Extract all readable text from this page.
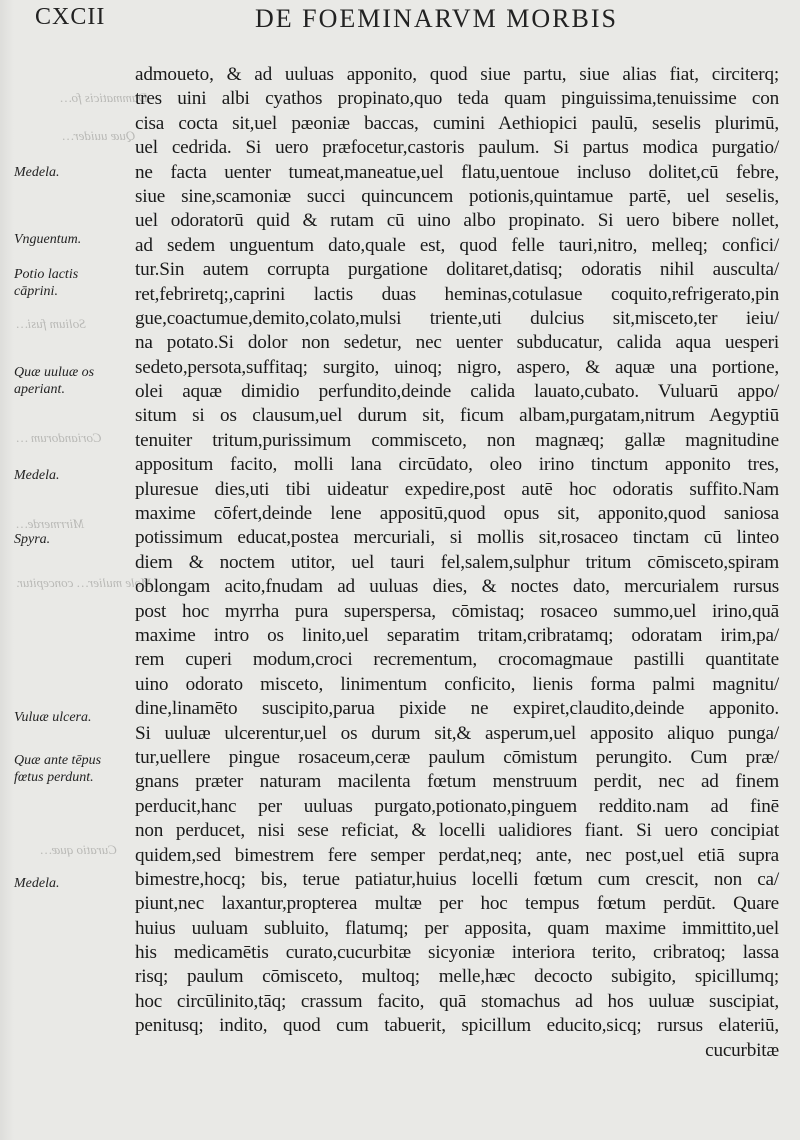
CXCII	DE FOEMINARVM MORBIS
Dammaticis fo…
Quæ uuider…
Solium fusi…
Coriandorum …
Mirrmerde…
Mole mulier… concepitur.
Curatio quæ…
Medela.
Vnguentum.
Potio lactis cāprini.
Quæ uuluæ os aperiant.
Medela.
Spyra.
Vuluæ ulcera.
Quæ ante tēpus fœtus perdunt.
Medela.
admoueto, & ad uuluas apponito, quod siue partu, siue alias fiat, circiterq;
tres uini albi cyathos propinato,quo teda quam pinguissima,tenuissime con
cisa cocta sit,uel pæoniæ baccas, cumini Aethiopici paulū, seselis plurimū,
uel cedrida. Si uero præfocetur,castoris paulum. Si partus modica purgatio/
ne facta uenter tumeat,maneatue,uel flatu,uentoue incluso dolitet,cū febre,
siue sine,scamoniæ succi quincuncem potionis,quintamue partē, uel seselis,
uel odoratorū quid & rutam cū uino albo propinato. Si uero bibere nollet,
ad sedem unguentum dato,quale est, quod felle tauri,nitro, melleq; confici/
tur.Sin autem corrupta purgatione dolitaret,datisq; odoratis nihil ausculta/
ret,febriretq;,caprini lactis duas heminas,cotulasue coquito,refrigerato,pin
gue,coactumue,demito,colato,mulsi triente,uti dulcius sit,misceto,ter ieiu/
na potato.Si dolor non sedetur, nec uenter subducatur, calida aqua uesperi
sedeto,persota,suffitaq; surgito, uinoq; nigro, aspero, & aquæ una portione,
olei aquæ dimidio perfundito,deinde calida lauato,cubato. Vuluarū appo/
situm si os clausum,uel durum sit, ficum albam,purgatam,nitrum Aegyptiū
tenuiter tritum,purissimum commisceto, non magnæq; gallæ magnitudine
appositum facito, molli lana circūdato, oleo irino tinctum apponito tres,
pluresue dies,uti tibi uideatur expedire,post autē hoc odoratis suffito.Nam
maxime cōfert,deinde lene appositū,quod opus sit, apponito,quod saniosa
potissimum educat,postea mercuriali, si mollis sit,rosaceo tinctam cū linteo
diem & noctem utitor, uel tauri fel,salem,sulphur tritum cōmisceto,spiram
oblongam acito,fnudam ad uuluas dies, & noctes dato, mercurialem rursus
post hoc myrrha pura superspersa, cōmistaq; rosaceo summo,uel irino,quā
maxime intro os linito,uel separatim tritam,cribratamq; odoratam irim,pa/
rem cuperi modum,croci recrementum, crocomagmaue pastilli quantitate
uino odorato misceto, linimentum conficito, lienis forma palmi magnitu/
dine,linamēto suscipito,parua pixide ne expiret,claudito,deinde apponito.
Si uuluæ ulcerentur,uel os durum sit,& asperum,uel apposito aliquo punga/
tur,uellere pingue rosaceum,ceræ paulum cōmistum perungito. Cum præ/
gnans præter naturam macilenta fœtum menstruum perdit, nec ad finem
perducit,hanc per uuluas purgato,potionato,pinguem reddito.nam ad finē
non perducet, nisi sese reficiat, & locelli ualidiores fiant. Si uero concipiat
quidem,sed bimestrem fere semper perdat,neq; ante, nec post,uel etiā supra
bimestre,hocq; bis, terue patiatur,huius locelli fœtum cum crescit, non ca/
piunt,nec laxantur,propterea multæ per hoc tempus fœtum perdūt. Quare
huius uuluam subluito, flatumq; per apposita, quam maxime immittito,uel
his medicamētis curato,cucurbitæ sicyoniæ interiora terito, cribratoq; lassa
risq; paulum cōmisceto, multoq; melle,hæc decocto subigito, spicillumq;
hoc circūlinito,tāq; crassum facito, quā stomachus ad hos uuluæ suscipiat,
penitusq; indito, quod cum tabuerit, spicillum educito,sicq; rursus elateriū,
cucurbitæ
